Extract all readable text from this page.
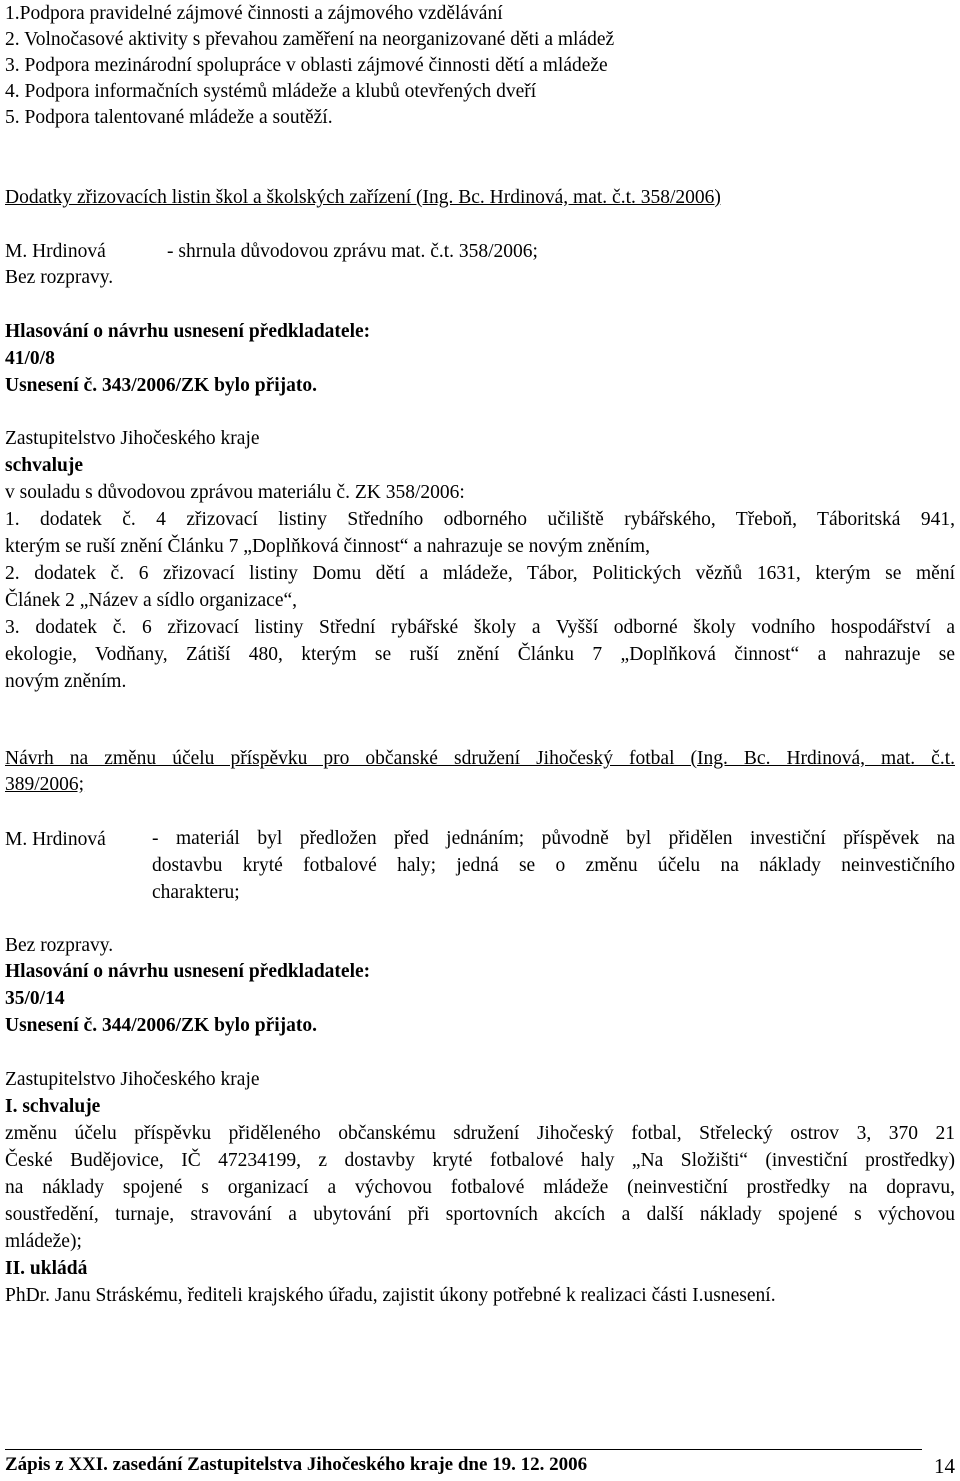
1.Podpora pravidelné zájmové činnosti a zájmového vzdělávání
2. Volnočasové aktivity s převahou zaměření na neorganizované děti a mládež
3. Podpora mezinárodní spolupráce v oblasti zájmové činnosti dětí a mládeže
4. Podpora informačních systémů mládeže a klubů otevřených dveří
5. Podpora talentované mládeže a soutěží.
Dodatky zřizovacích listin škol a školských zařízení (Ing. Bc. Hrdinová, mat. č.t. 358/2006)
M. Hrdinová	- shrnula důvodovou zprávu mat. č.t. 358/2006;
Bez rozpravy.
Hlasování o návrhu usnesení předkladatele:
41/0/8
Usnesení č. 343/2006/ZK bylo přijato.
Zastupitelstvo Jihočeského kraje
schvaluje
v souladu s důvodovou zprávou materiálu č. ZK 358/2006:
1. dodatek č. 4 zřizovací listiny Středního odborného učiliště rybářského, Třeboň, Táboritská 941,
kterým se ruší znění Článku 7 „Doplňková činnost“ a nahrazuje se novým zněním,
2. dodatek č. 6 zřizovací listiny Domu dětí a mládeže, Tábor, Politických vězňů 1631, kterým se mění
Článek 2 „Název a sídlo organizace“,
3. dodatek č. 6 zřizovací listiny Střední rybářské školy a Vyšší odborné školy vodního hospodářství a
ekologie, Vodňany, Zátiší 480, kterým se ruší znění Článku 7 „Doplňková činnost“ a nahrazuje se
novým zněním.
Návrh na změnu účelu příspěvku pro občanské sdružení Jihočeský fotbal (Ing. Bc. Hrdinová, mat. č.t.
389/2006;
M. Hrdinová	- materiál byl předložen před jednáním; původně byl přidělen investiční příspěvek na
dostavbu kryté fotbalové haly; jedná se o změnu účelu na náklady neinvestičního
charakteru;
Bez rozpravy.
Hlasování o návrhu usnesení předkladatele:
35/0/14
Usnesení č. 344/2006/ZK bylo přijato.
Zastupitelstvo Jihočeského kraje
I. schvaluje
změnu účelu příspěvku přiděleného občanskému sdružení Jihočeský fotbal, Střelecký ostrov 3, 370 21
České Budějovice, IČ 47234199, z dostavby kryté fotbalové haly „Na Složišti“ (investiční prostředky)
na náklady spojené s organizací a výchovou fotbalové mládeže (neinvestiční prostředky na dopravu,
soustředění, turnaje, stravování a ubytování při sportovních akcích a další náklady spojené s výchovou
mládeže);
II. ukládá
PhDr. Janu Stráskému, řediteli krajského úřadu, zajistit úkony potřebné k realizaci části I.usnesení.
Zápis z XXI. zasedání Zastupitelstva Jihočeského kraje dne 19. 12. 2006	14
